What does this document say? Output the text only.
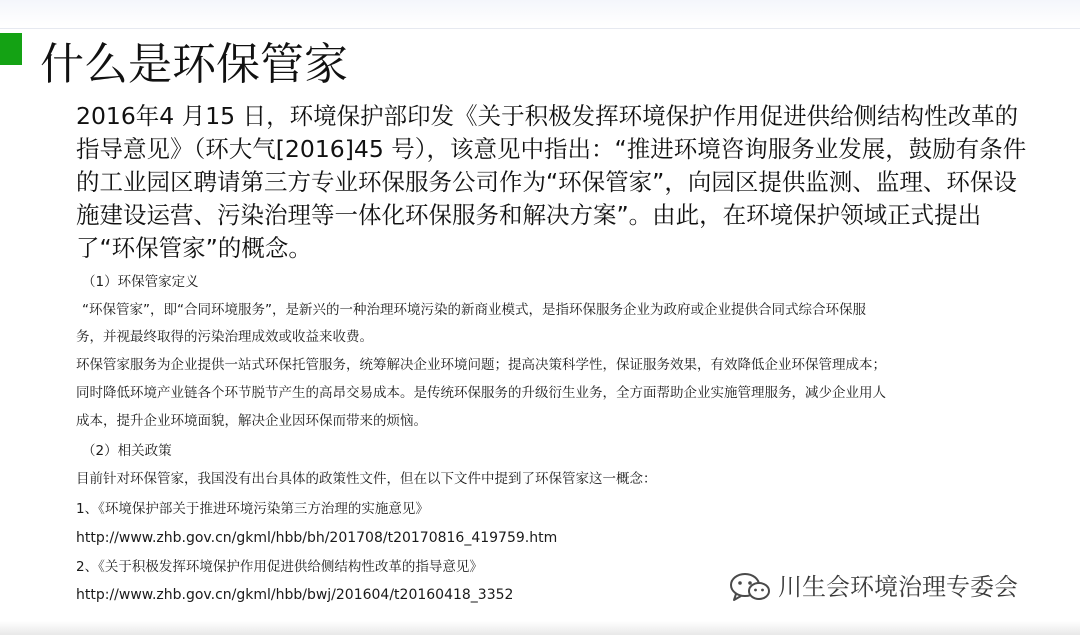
什么是环保管家
2016年4 月15 日，环境保护部印发《关于积极发挥环境保护作用促进供给侧结构性改革的指导意见》（环大气[2016]45 号），该意见中指出：“推进环境咨询服务业发展，鼓励有条件的工业园区聘请第三方专业环保服务公司作为“环保管家”，向园区提供监测、监理、环保设施建设运营、污染治理等一体化环保服务和解决方案”。由此，在环境保护领域正式提出了“环保管家”的概念。
（1）环保管家定义
“环保管家”，即“合同环境服务”，是新兴的一种治理环境污染的新商业模式，是指环保服务企业为政府或企业提供合同式综合环保服
务，并视最终取得的污染治理成效或收益来收费。
环保管家服务为企业提供一站式环保托管服务，统筹解决企业环境问题；提高决策科学性，保证服务效果，有效降低企业环保管理成本；
同时降低环境产业链各个环节脱节产生的高昂交易成本。是传统环保服务的升级衍生业务，全方面帮助企业实施管理服务，减少企业用人
成本，提升企业环境面貌，解决企业因环保而带来的烦恼。
（2）相关政策
目前针对环保管家，我国没有出台具体的政策性文件，但在以下文件中提到了环保管家这一概念：
1、《环境保护部关于推进环境污染第三方治理的实施意见》
http://www.zhb.gov.cn/gkml/hbb/bh/201708/t20170816_419759.htm
2、《关于积极发挥环境保护作用促进供给侧结构性改革的指导意见》
http://www.zhb.gov.cn/gkml/hbb/bwj/201604/t20160418_3352	川生会环境治理专委会
